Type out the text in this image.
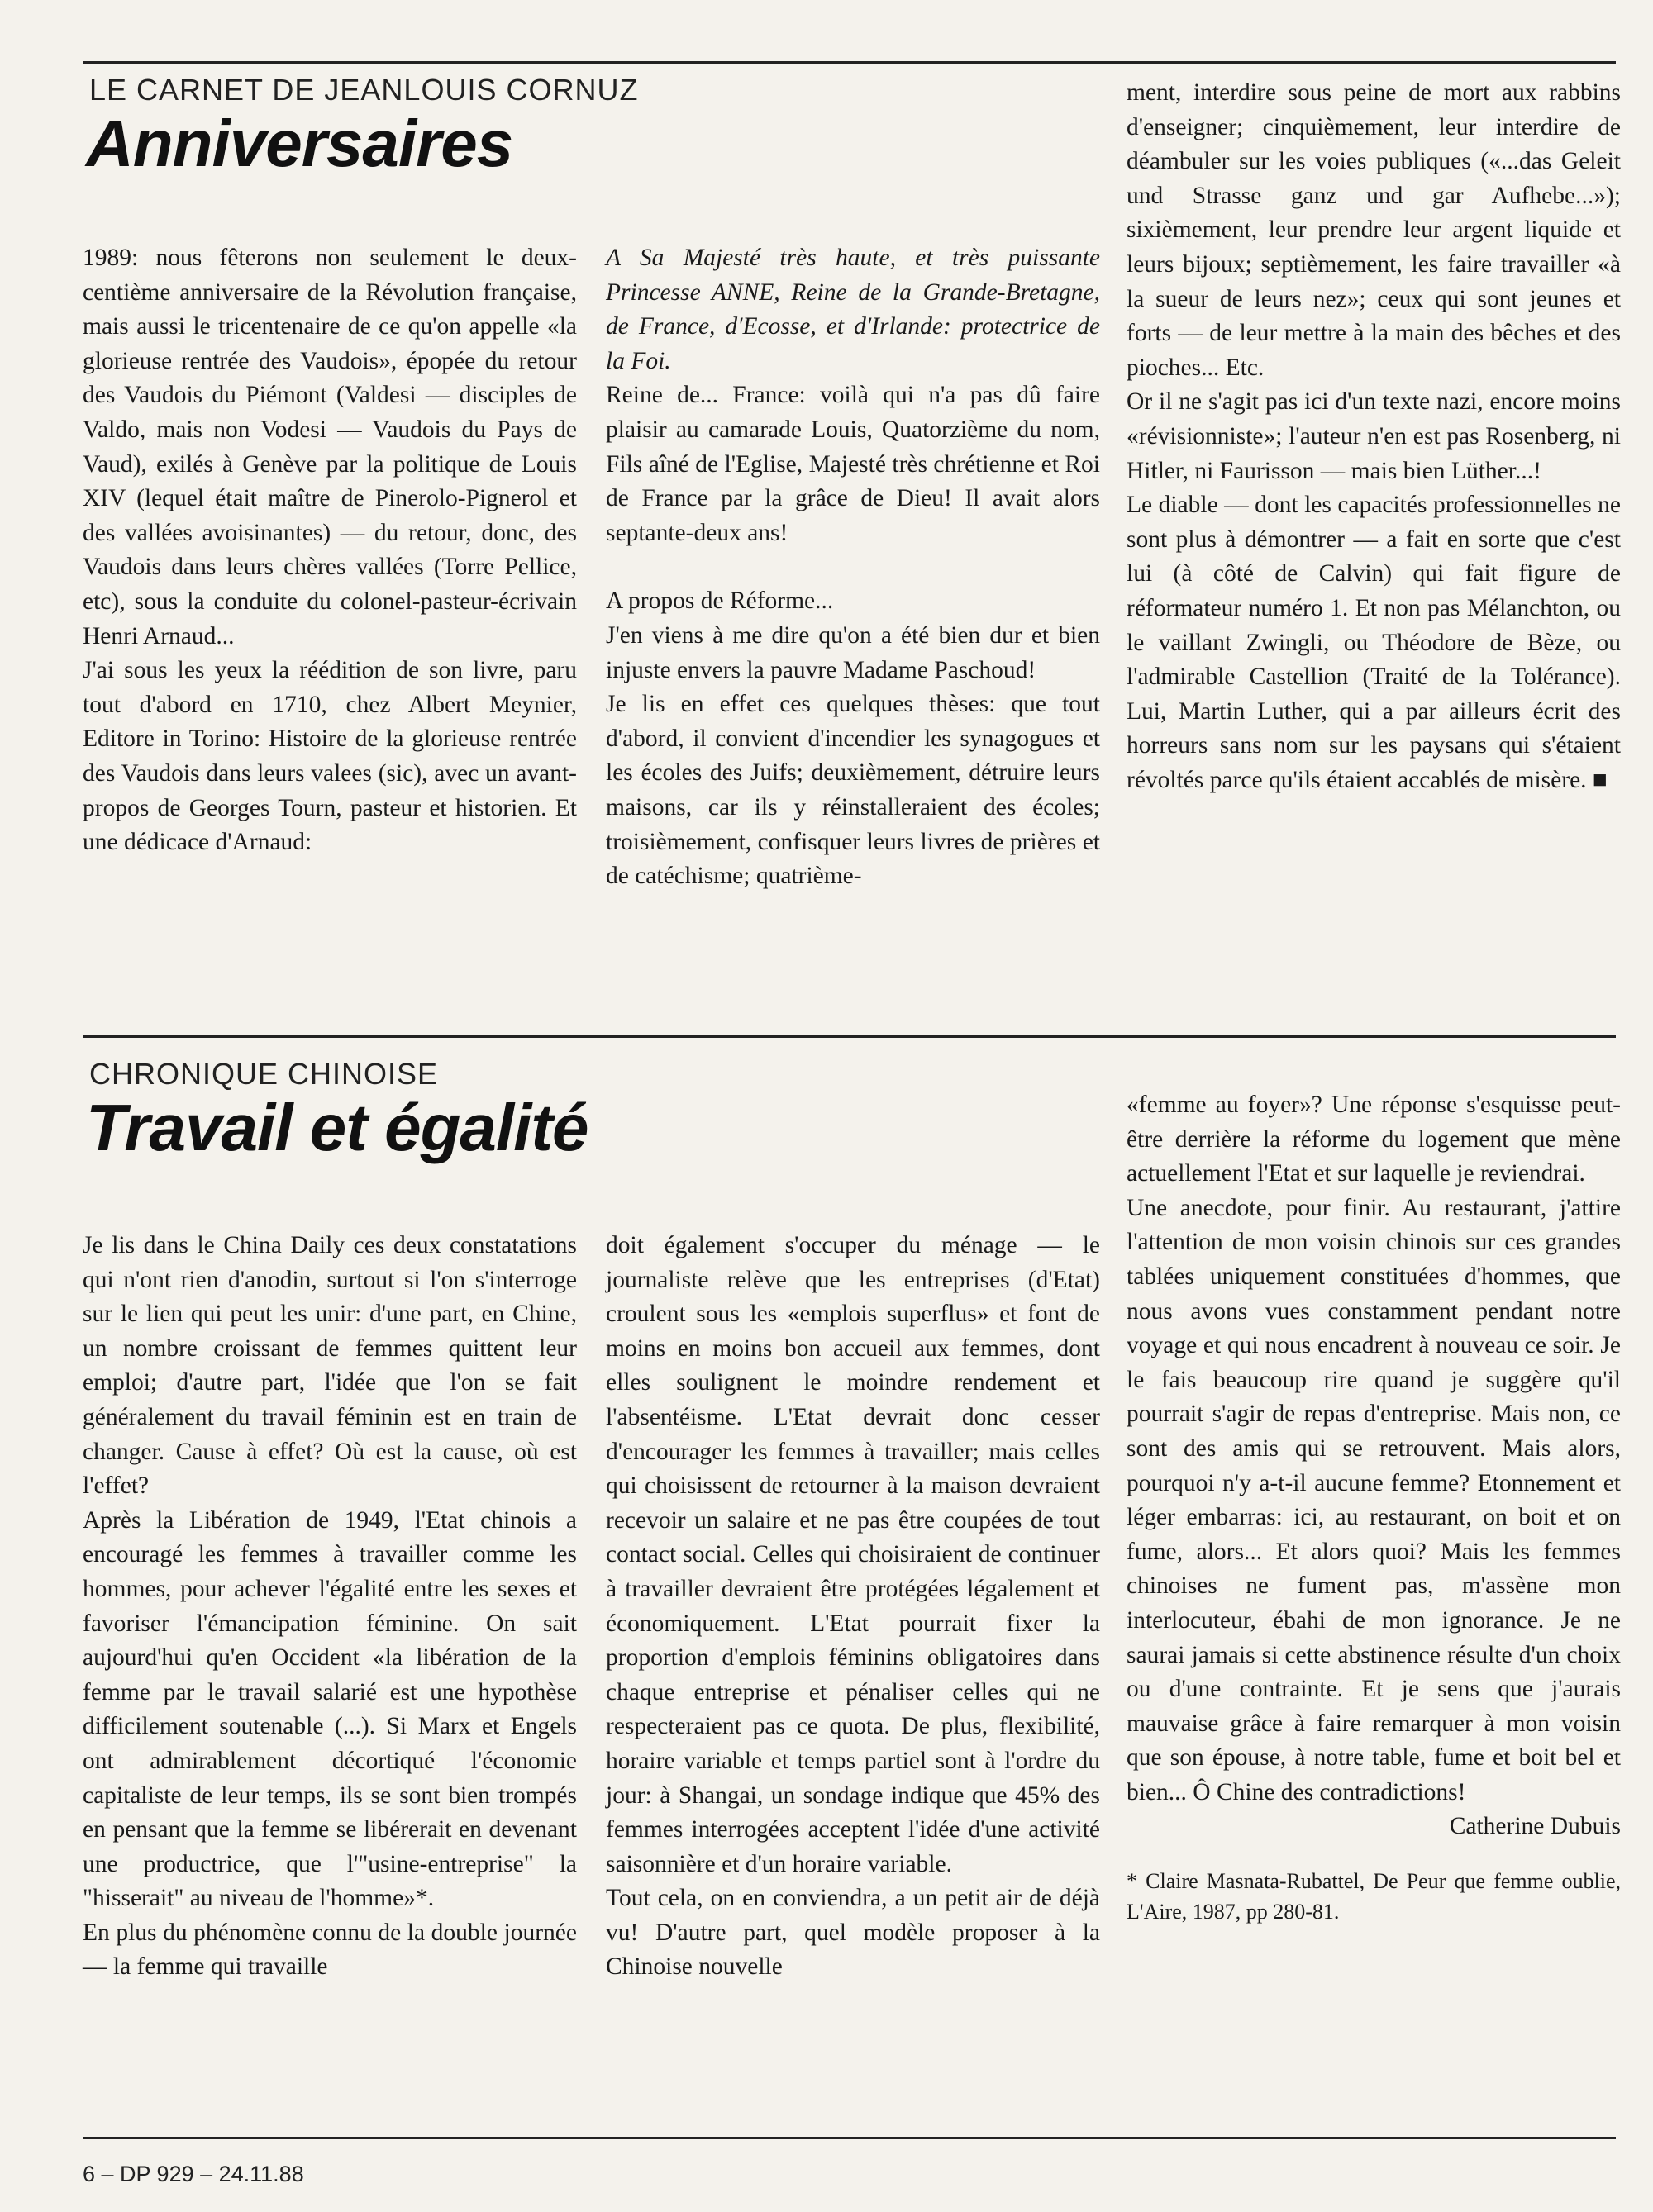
LE CARNET DE JEANLOUIS CORNUZ
Anniversaires

1989: nous fêterons non seulement le deux-centième anniversaire de la Révolution française, mais aussi le tricentenaire de ce qu'on appelle «la glorieuse rentrée des Vaudois», épopée du retour des Vaudois du Piémont (Valdesi — disciples de Valdo, mais non Vodesi — Vaudois du Pays de Vaud), exilés à Genève par la politique de Louis XIV (lequel était maître de Pinerolo-Pignerol et des vallées avoisinantes) — du retour, donc, des Vaudois dans leurs chères vallées (Torre Pellice, etc), sous la conduite du colonel-pasteur-écrivain Henri Arnaud...

J'ai sous les yeux la réédition de son livre, paru tout d'abord en 1710, chez Albert Meynier, Editore in Torino: Histoire de la glorieuse rentrée des Vaudois dans leurs valees (sic), avec un avant-propos de Georges Tourn, pasteur et historien. Et une dédicace d'Arnaud:

A Sa Majesté très haute, et très puissante Princesse ANNE, Reine de la Grande-Bretagne, de France, d'Ecosse, et d'Irlande: protectrice de la Foi.

Reine de... France: voilà qui n'a pas dû faire plaisir au camarade Louis, Quatorzième du nom, Fils aîné de l'Eglise, Majesté très chrétienne et Roi de France par la grâce de Dieu! Il avait alors septante-deux ans!

A propos de Réforme...

J'en viens à me dire qu'on a été bien dur et bien injuste envers la pauvre Madame Paschoud!

Je lis en effet ces quelques thèses: que tout d'abord, il convient d'incendier les synagogues et les écoles des Juifs; deuxièmement, détruire leurs maisons, car ils y réinstalleraient des écoles; troisièmement, confisquer leurs livres de prières et de catéchisme; quatrième-

ment, interdire sous peine de mort aux rabbins d'enseigner; cinquièmement, leur interdire de déambuler sur les voies publiques («...das Geleit und Strasse ganz und gar Aufhebe...»); sixièmement, leur prendre leur argent liquide et leurs bijoux; septièmement, les faire travailler «à la sueur de leurs nez»; ceux qui sont jeunes et forts — de leur mettre à la main des bêches et des pioches... Etc.

Or il ne s'agit pas ici d'un texte nazi, encore moins «révisionniste»; l'auteur n'en est pas Rosenberg, ni Hitler, ni Faurisson — mais bien Lüther...!

Le diable — dont les capacités professionnelles ne sont plus à démontrer — a fait en sorte que c'est lui (à côté de Calvin) qui fait figure de réformateur numéro 1. Et non pas Mélanchton, ou le vaillant Zwingli, ou Théodore de Bèze, ou l'admirable Castellion (Traité de la Tolérance). Lui, Martin Luther, qui a par ailleurs écrit des horreurs sans nom sur les paysans qui s'étaient révoltés parce qu'ils étaient accablés de misère. ■

CHRONIQUE CHINOISE
Travail et égalité

Je lis dans le China Daily ces deux constatations qui n'ont rien d'anodin, surtout si l'on s'interroge sur le lien qui peut les unir: d'une part, en Chine, un nombre croissant de femmes quittent leur emploi; d'autre part, l'idée que l'on se fait généralement du travail féminin est en train de changer. Cause à effet? Où est la cause, où est l'effet?

Après la Libération de 1949, l'Etat chinois a encouragé les femmes à travailler comme les hommes, pour achever l'égalité entre les sexes et favoriser l'émancipation féminine. On sait aujourd'hui qu'en Occident «la libération de la femme par le travail salarié est une hypothèse difficilement soutenable (...). Si Marx et Engels ont admirablement décortiqué l'économie capitaliste de leur temps, ils se sont bien trompés en pensant que la femme se libérerait en devenant une productrice, que l'"usine-entreprise" la "hisserait" au niveau de l'homme»*.

En plus du phénomène connu de la double journée — la femme qui travaille

doit également s'occuper du ménage — le journaliste relève que les entreprises (d'Etat) croulent sous les «emplois superflus» et font de moins en moins bon accueil aux femmes, dont elles soulignent le moindre rendement et l'absentéisme. L'Etat devrait donc cesser d'encourager les femmes à travailler; mais celles qui choisissent de retourner à la maison devraient recevoir un salaire et ne pas être coupées de tout contact social. Celles qui choisiraient de continuer à travailler devraient être protégées légalement et économiquement. L'Etat pourrait fixer la proportion d'emplois féminins obligatoires dans chaque entreprise et pénaliser celles qui ne respecteraient pas ce quota. De plus, flexibilité, horaire variable et temps partiel sont à l'ordre du jour: à Shangai, un sondage indique que 45% des femmes interrogées acceptent l'idée d'une activité saisonnière et d'un horaire variable.

Tout cela, on en conviendra, a un petit air de déjà vu! D'autre part, quel modèle proposer à la Chinoise nouvelle

«femme au foyer»? Une réponse s'esquisse peut-être derrière la réforme du logement que mène actuellement l'Etat et sur laquelle je reviendrai.

Une anecdote, pour finir. Au restaurant, j'attire l'attention de mon voisin chinois sur ces grandes tablées uniquement constituées d'hommes, que nous avons vues constamment pendant notre voyage et qui nous encadrent à nouveau ce soir. Je le fais beaucoup rire quand je suggère qu'il pourrait s'agir de repas d'entreprise. Mais non, ce sont des amis qui se retrouvent. Mais alors, pourquoi n'y a-t-il aucune femme? Etonnement et léger embarras: ici, au restaurant, on boit et on fume, alors... Et alors quoi? Mais les femmes chinoises ne fument pas, m'assène mon interlocuteur, ébahi de mon ignorance. Je ne saurai jamais si cette abstinence résulte d'un choix ou d'une contrainte. Et je sens que j'aurais mauvaise grâce à faire remarquer à mon voisin que son épouse, à notre table, fume et boit bel et bien... Ô Chine des contradictions!

Catherine Dubuis

* Claire Masnata-Rubattel, De Peur que femme oublie, L'Aire, 1987, pp 280-81.

6 – DP 929 – 24.11.88
